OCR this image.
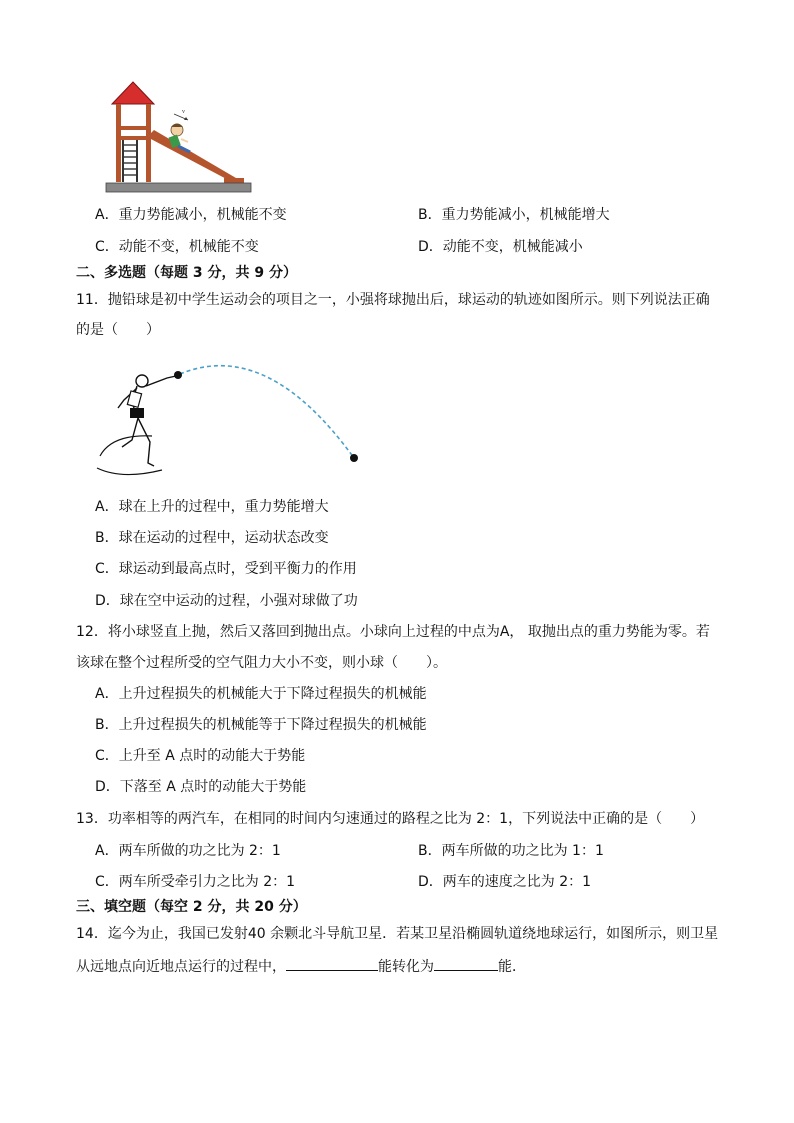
v
A．重力势能减小，机械能不变	B．重力势能减小，机械能增大
C．动能不变，机械能不变	D．动能不变，机械能减小
二、多选题（每题 3 分，共 9 分）
11．抛铅球是初中学生运动会的项目之一，小强将球抛出后，球运动的轨迹如图所示。则下列说法正确
的是（　　）
A．球在上升的过程中，重力势能增大
B．球在运动的过程中，运动状态改变
C．球运动到最高点时，受到平衡力的作用
D．球在空中运动的过程，小强对球做了功
12．将小球竖直上抛，然后又落回到抛出点。小球向上过程的中点为A， 取抛出点的重力势能为零。若
该球在整个过程所受的空气阻力大小不变，则小球（　　）。
A．上升过程损失的机械能大于下降过程损失的机械能
B．上升过程损失的机械能等于下降过程损失的机械能
C．上升至 A 点时的动能大于势能
D．下落至 A 点时的动能大于势能
13．功率相等的两汽车，在相同的时间内匀速通过的路程之比为 2：1，下列说法中正确的是（　　）
A．两车所做的功之比为 2：1	B．两车所做的功之比为 1：1
C．两车所受牵引力之比为 2：1	D．两车的速度之比为 2：1
三、填空题（每空 2 分，共 20 分）
14．迄今为止，我国已发射40 余颗北斗导航卫星．若某卫星沿椭圆轨道绕地球运行，如图所示，则卫星
从远地点向近地点运行的过程中，	能转化为	能．
